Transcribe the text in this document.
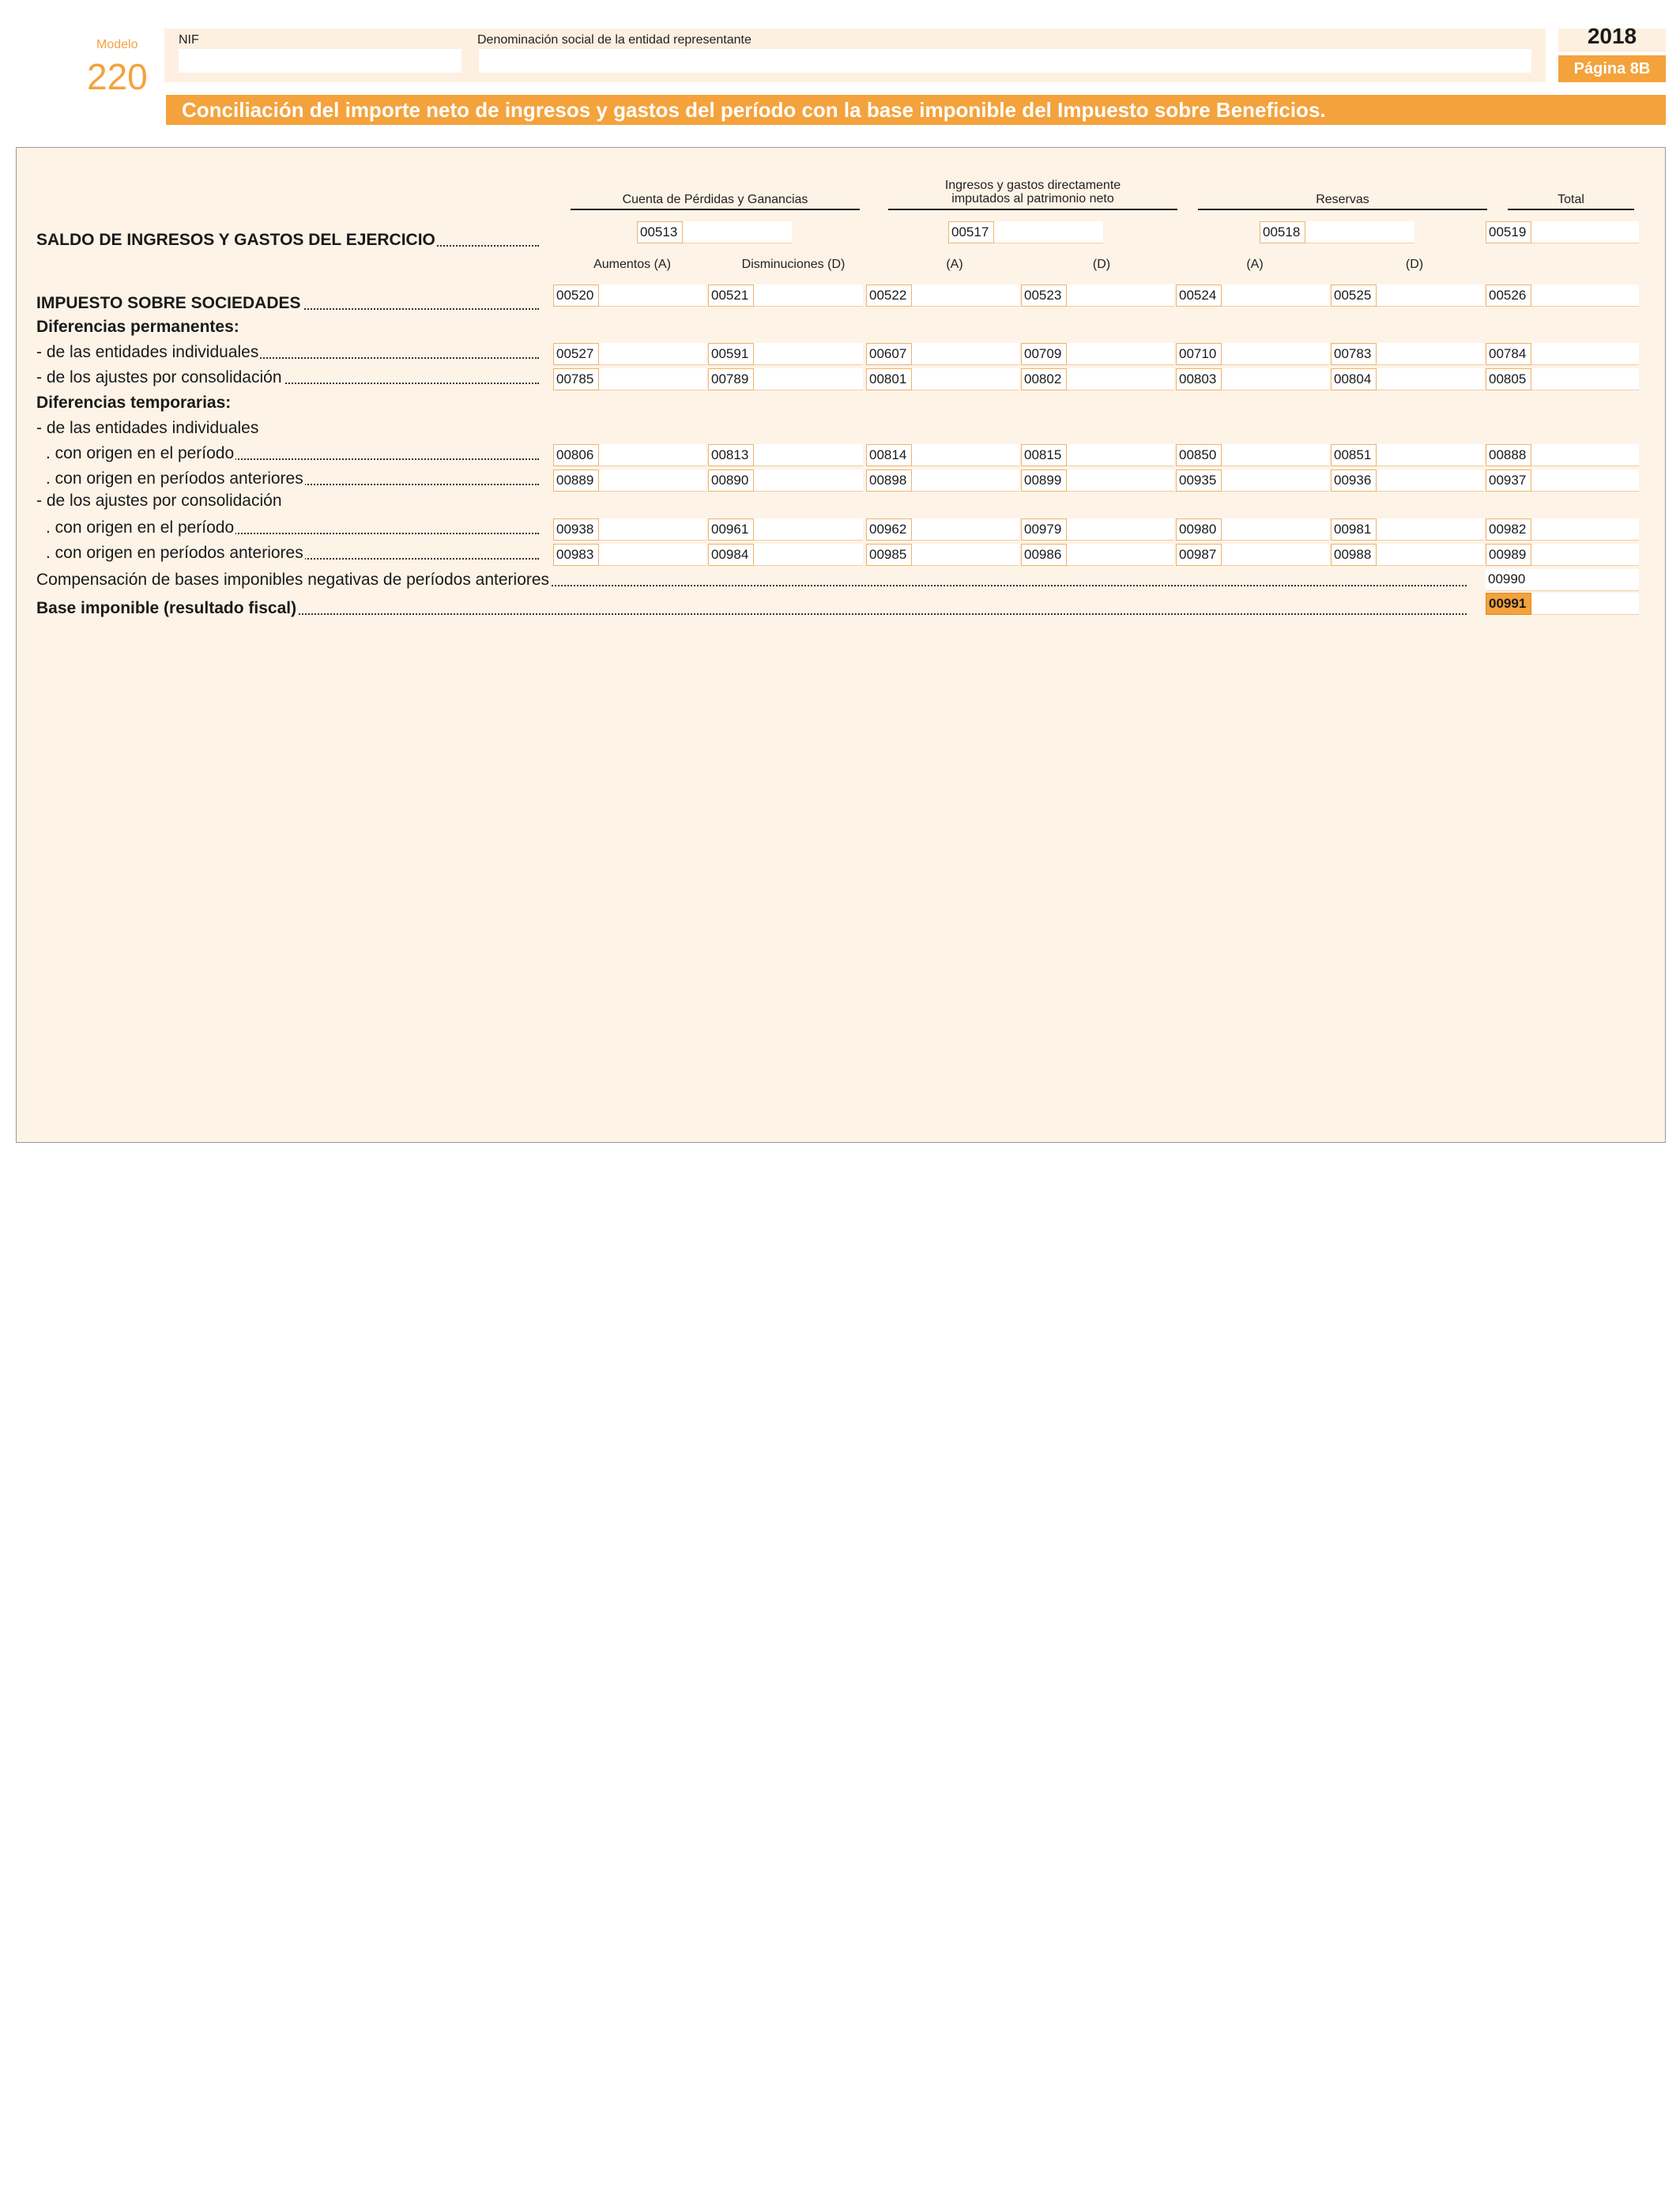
Modelo
220
NIF	Denominación social de la entidad representante	2018
Página 8B
Conciliación del importe neto de ingresos y gastos del período con la base imponible del Impuesto sobre Beneficios.
Cuenta de Pérdidas y Ganancias
Ingresos y gastos directamente
imputados al patrimonio neto	Reservas	Total
SALDO DE INGRESOS Y GASTOS DEL EJERCICIO	00513	00517	00518	00519
Aumentos (A)	Disminuciones (D)	(A)	(D)	(A)	(D)
IMPUESTO SOBRE SOCIEDADES	00520	00521	00522	00523	00524	00525	00526
Diferencias permanentes:
- de las entidades individuales	00527	00591	00607	00709	00710	00783	00784
- de los ajustes por consolidación	00785	00789	00801	00802	00803	00804	00805
Diferencias temporarias:
- de las entidades individuales
. con origen en el período	00806	00813	00814	00815	00850	00851	00888
. con origen en períodos anteriores	00889	00890	00898	00899	00935	00936	00937
- de los ajustes por consolidación
. con origen en el período	00938	00961	00962	00979	00980	00981	00982
. con origen en períodos anteriores	00983	00984	00985	00986	00987	00988	00989
Compensación de bases imponibles negativas de períodos anteriores	00990
Base imponible (resultado fiscal)	00991
